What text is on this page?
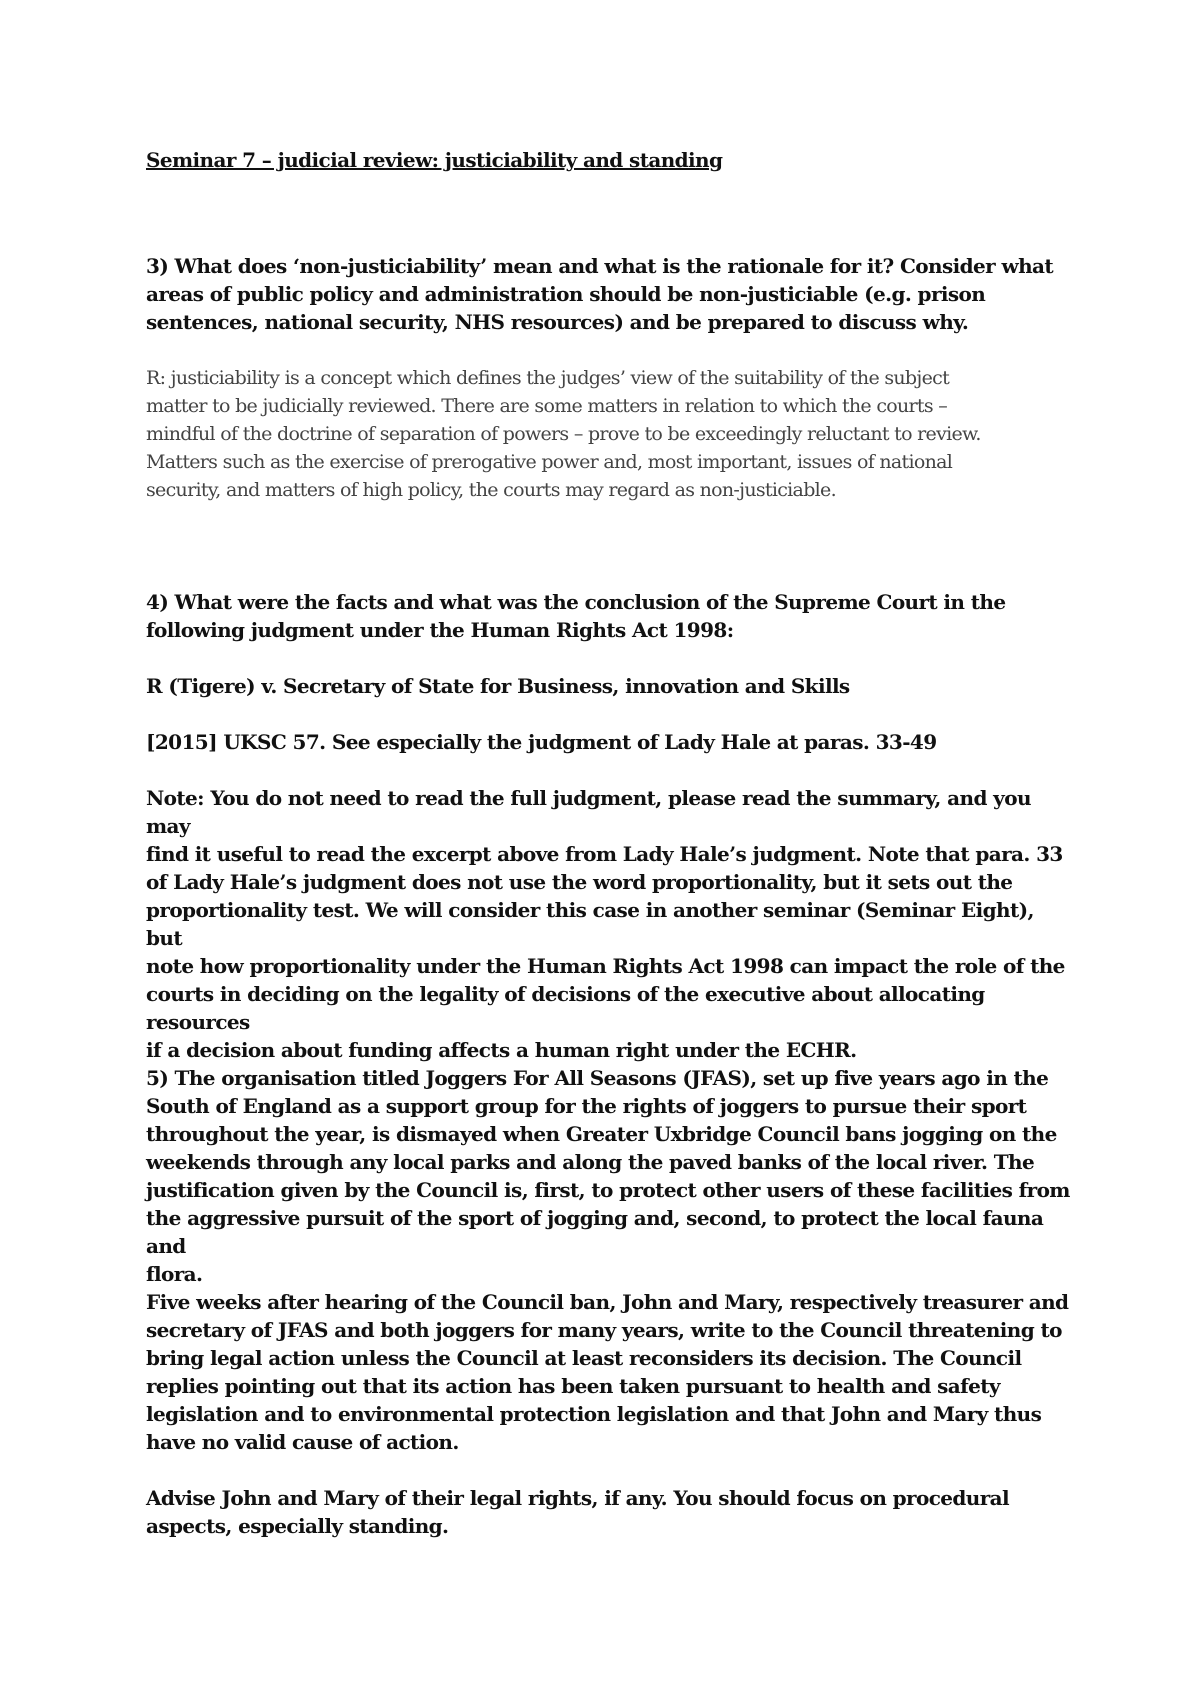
Seminar 7 – judicial review: justiciability and standing

3) What does ‘non-justiciability’ mean and what is the rationale for it? Consider what
areas of public policy and administration should be non-justiciable (e.g. prison
sentences, national security, NHS resources) and be prepared to discuss why.

R: justiciability is a concept which defines the judges’ view of the suitability of the subject
matter to be judicially reviewed. There are some matters in relation to which the courts –
mindful of the doctrine of separation of powers – prove to be exceedingly reluctant to review.
Matters such as the exercise of prerogative power and, most important, issues of national
security, and matters of high policy, the courts may regard as non-justiciable.

4) What were the facts and what was the conclusion of the Supreme Court in the
following judgment under the Human Rights Act 1998:

R (Tigere) v. Secretary of State for Business, innovation and Skills

[2015] UKSC 57. See especially the judgment of Lady Hale at paras. 33-49

Note: You do not need to read the full judgment, please read the summary, and you may
find it useful to read the excerpt above from Lady Hale’s judgment. Note that para. 33
of Lady Hale’s judgment does not use the word proportionality, but it sets out the
proportionality test. We will consider this case in another seminar (Seminar Eight), but
note how proportionality under the Human Rights Act 1998 can impact the role of the
courts in deciding on the legality of decisions of the executive about allocating resources
if a decision about funding affects a human right under the ECHR.

5) The organisation titled Joggers For All Seasons (JFAS), set up five years ago in the
South of England as a support group for the rights of joggers to pursue their sport
throughout the year, is dismayed when Greater Uxbridge Council bans jogging on the
weekends through any local parks and along the paved banks of the local river. The
justification given by the Council is, first, to protect other users of these facilities from
the aggressive pursuit of the sport of jogging and, second, to protect the local fauna and
flora.

Five weeks after hearing of the Council ban, John and Mary, respectively treasurer and
secretary of JFAS and both joggers for many years, write to the Council threatening to
bring legal action unless the Council at least reconsiders its decision. The Council
replies pointing out that its action has been taken pursuant to health and safety
legislation and to environmental protection legislation and that John and Mary thus
have no valid cause of action.

Advise John and Mary of their legal rights, if any. You should focus on procedural
aspects, especially standing.
